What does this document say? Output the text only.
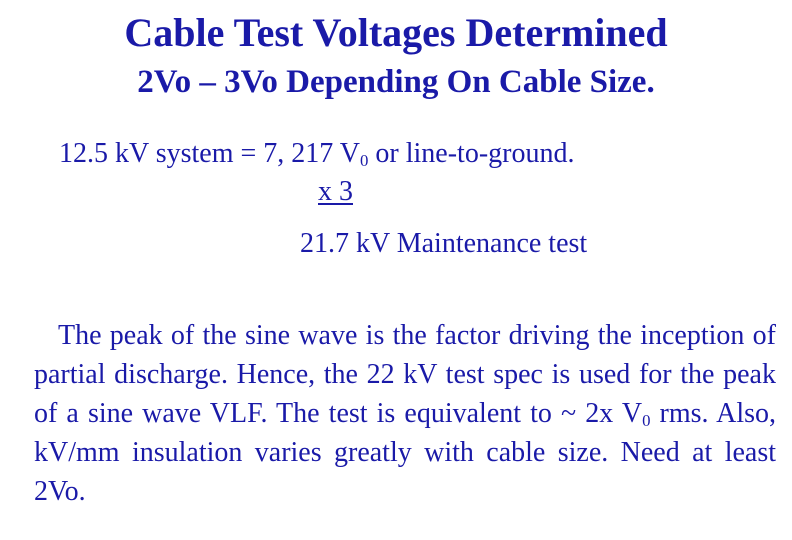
Cable Test Voltages Determined
2Vo – 3Vo Depending On Cable Size.
12.5 kV system = 7, 217 $V_0$ or line-to-ground.
x 3
21.7 kV Maintenance test
The peak of the sine wave is the factor driving the inception of partial discharge. Hence, the 22 kV test spec is used for the peak of a sine wave VLF. The test is equivalent to ~ 2x $V_0$ rms. Also, kV/mm insulation varies greatly with cable size. Need at least 2Vo.
